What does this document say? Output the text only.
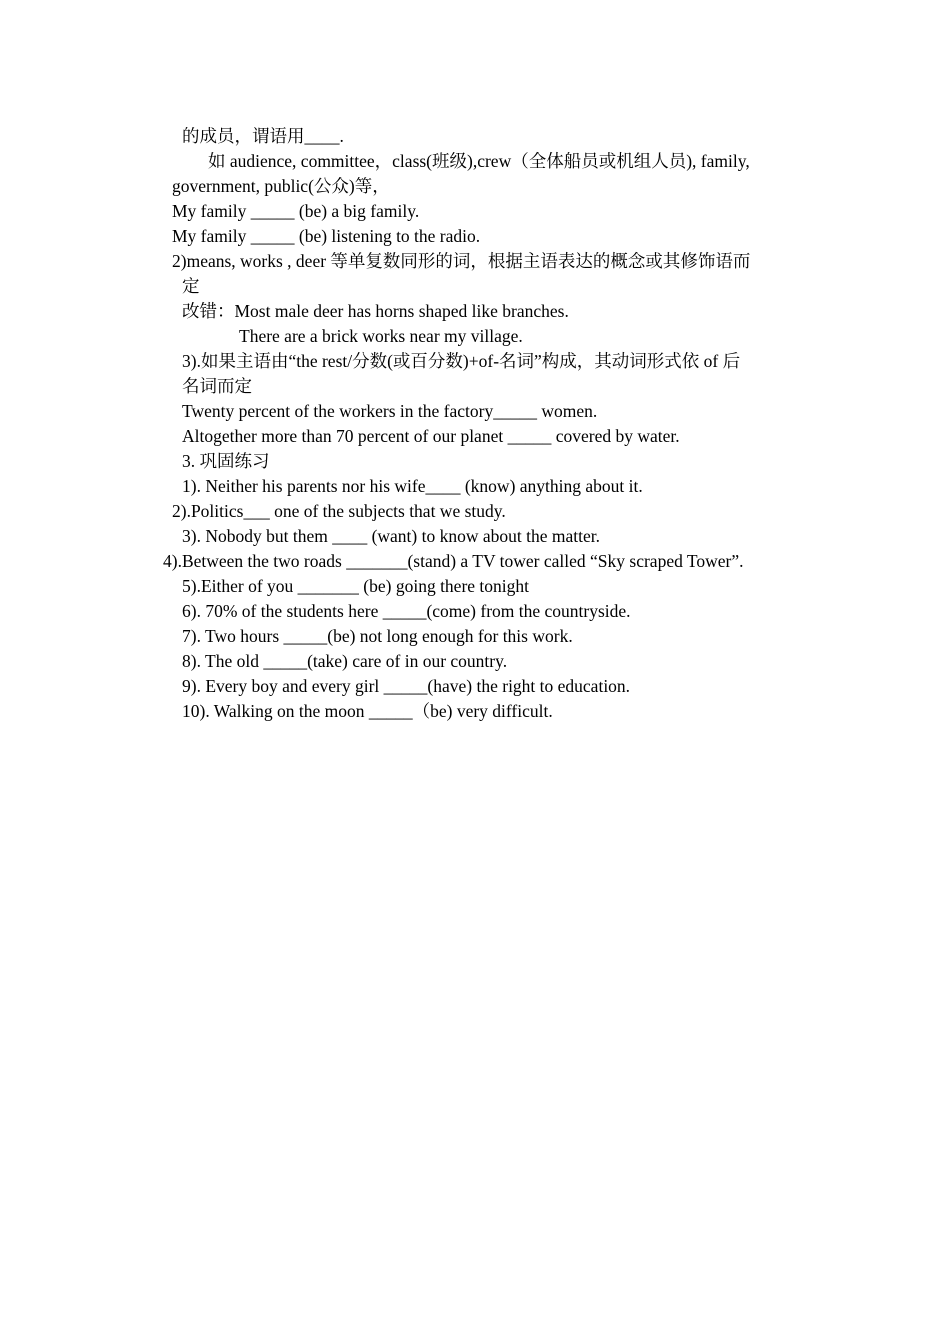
的成员，谓语用____.
如 audience, committee，class(班级),crew（全体船员或机组人员), family,
government, public(公众)等，
My family _____ (be) a big family.
My family _____ (be) listening to the radio.
2)means, works , deer 等单复数同形的词，根据主语表达的概念或其修饰语而
定
改错：Most male deer has horns shaped like branches.
There are a brick works near my village.
3).如果主语由“the rest/分数(或百分数)+of-名词”构成，其动词形式依 of 后
名词而定
Twenty percent of the workers in the factory_____ women.
Altogether more than 70 percent of our planet _____ covered by water.
3. 巩固练习
1). Neither his parents nor his wife____ (know) anything about it.
2).Politics___ one of the subjects that we study.
3). Nobody but them ____ (want) to know about the matter.
4).Between the two roads _______(stand) a TV tower called “Sky scraped Tower”.
5).Either of you _______ (be) going there tonight
6). 70% of the students here _____(come) from the countryside.
7). Two hours _____(be) not long enough for this work.
8). The old _____(take) care of in our country.
9). Every boy and every girl _____(have) the right to education.
10). Walking on the moon _____（be) very difficult.
